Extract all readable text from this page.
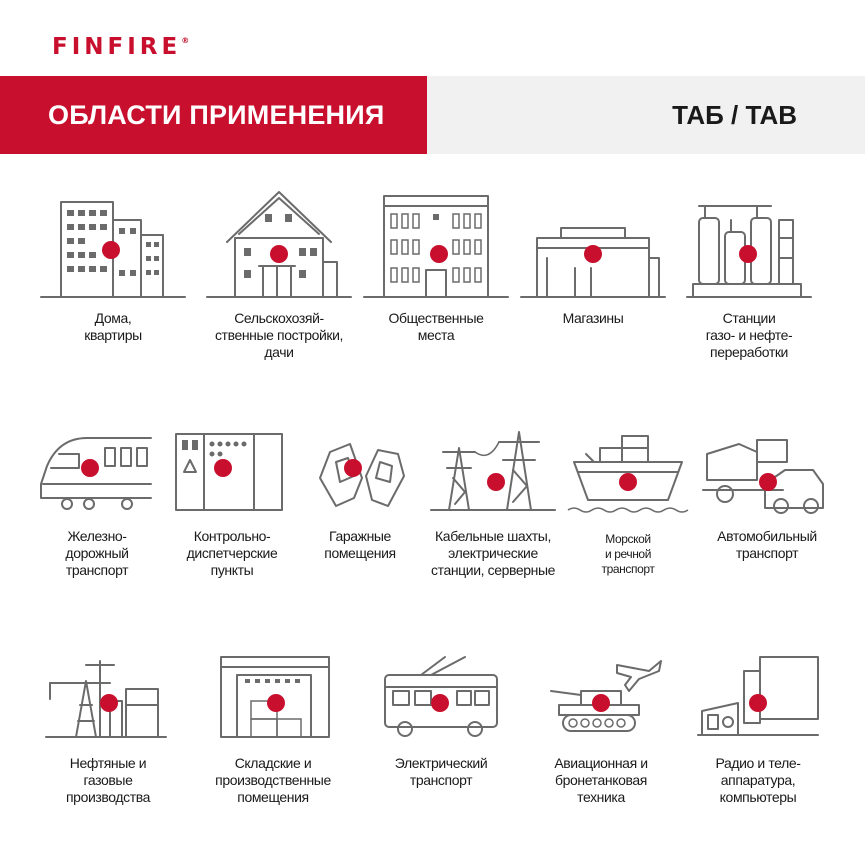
FINFIRE®
ОБЛАСТИ ПРИМЕНЕНИЯ	ТАБ / TAB
Дома,
квартиры
Сельскохозяй-
ственные постройки,
дачи
Общественные
места
Магазины	Станции
газо- и нефте-
переработки
Железно-
дорожный
транспорт
Контрольно-
диспетчерские
пункты
Гаражные
помещения
Кабельные шахты,
электрические
станции, серверные
Морской
и речной
транспорт
Автомобильный
транспорт
Нефтяные и
газовые
производства
Складские и
производственные
помещения
Электрический
транспорт
Авиационная и
бронетанковая
техника
Радио и теле-
аппаратура,
компьютеры
